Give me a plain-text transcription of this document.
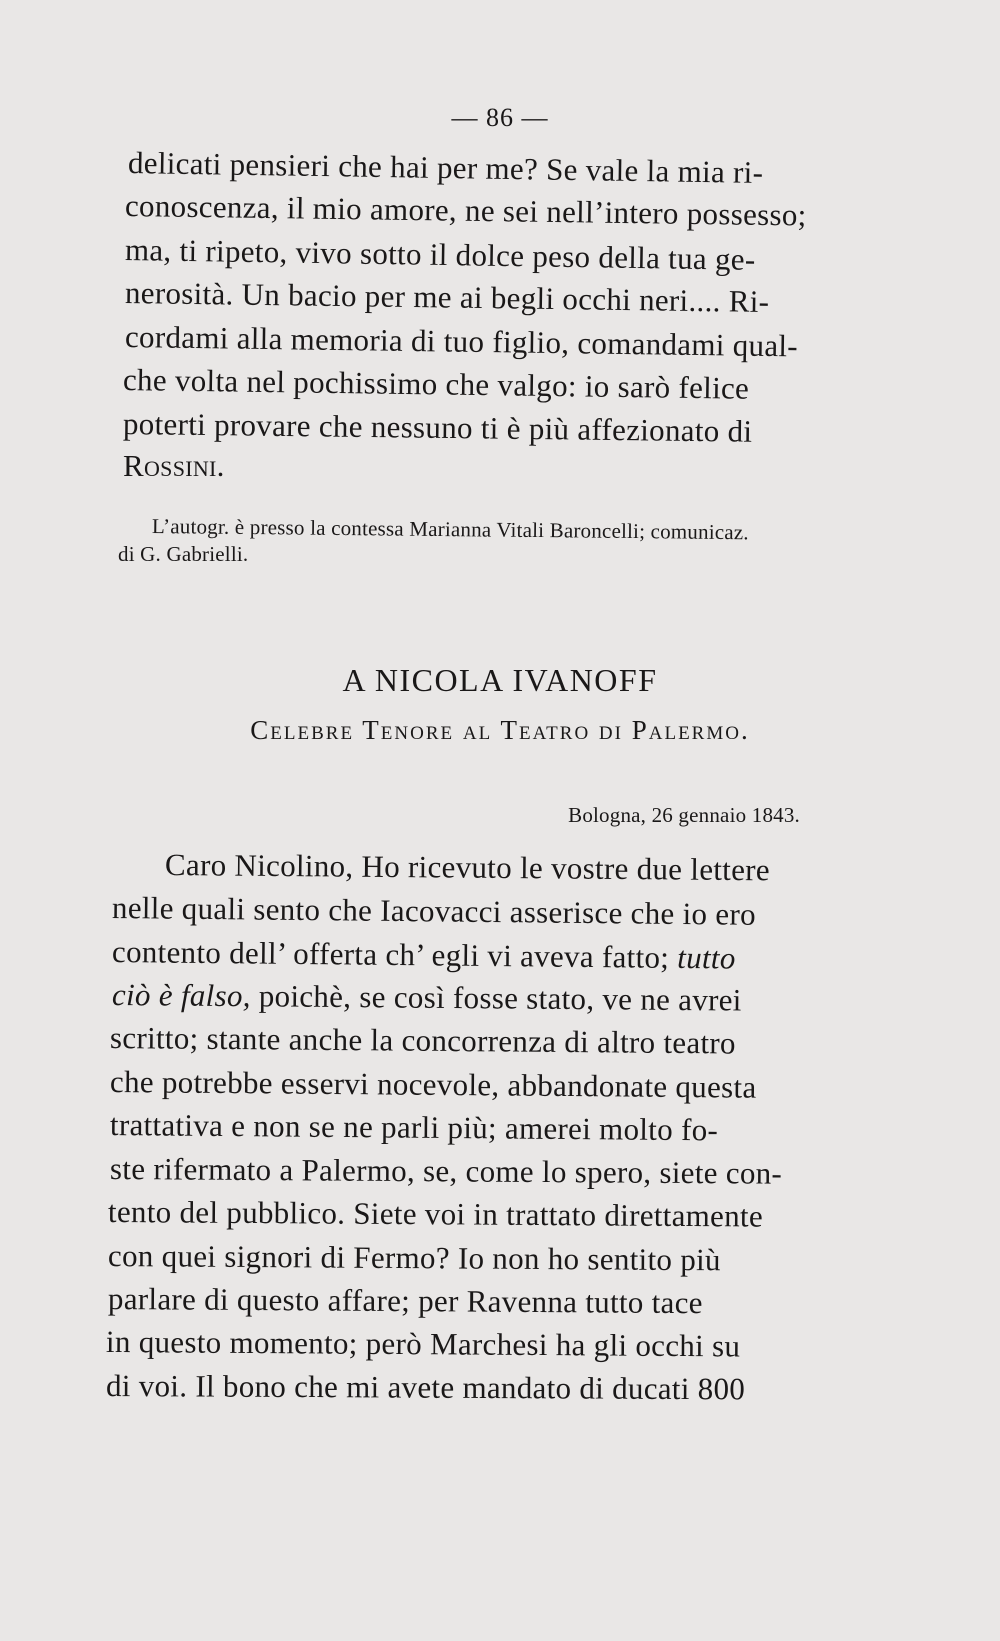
— 86 —
delicati pensieri che hai per me? Se vale la mia ri-
conoscenza, il mio amore, ne sei nell’intero possesso;
ma, ti ripeto, vivo sotto il dolce peso della tua ge-
nerosità. Un bacio per me ai begli occhi neri.... Ri-
cordami alla memoria di tuo figlio, comandami qual-
che volta nel pochissimo che valgo: io sarò felice
poterti provare che nessuno ti è più affezionato di
Rossini.
L’autogr. è presso la contessa Marianna Vitali Baroncelli; comunicaz.
di G. Gabrielli.
A NICOLA IVANOFF
Celebre Tenore al Teatro di Palermo.
Bologna, 26 gennaio 1843.
Caro Nicolino, Ho ricevuto le vostre due lettere
nelle quali sento che Iacovacci asserisce che io ero
contento dell’ offerta ch’ egli vi aveva fatto; tutto
ciò è falso, poichè, se così fosse stato, ve ne avrei
scritto; stante anche la concorrenza di altro teatro
che potrebbe esservi nocevole, abbandonate questa
trattativa e non se ne parli più; amerei molto fo-
ste rifermato a Palermo, se, come lo spero, siete con-
tento del pubblico. Siete voi in trattato direttamente
con quei signori di Fermo? Io non ho sentito più
parlare di questo affare; per Ravenna tutto tace
in questo momento; però Marchesi ha gli occhi su
di voi. Il bono che mi avete mandato di ducati 800
